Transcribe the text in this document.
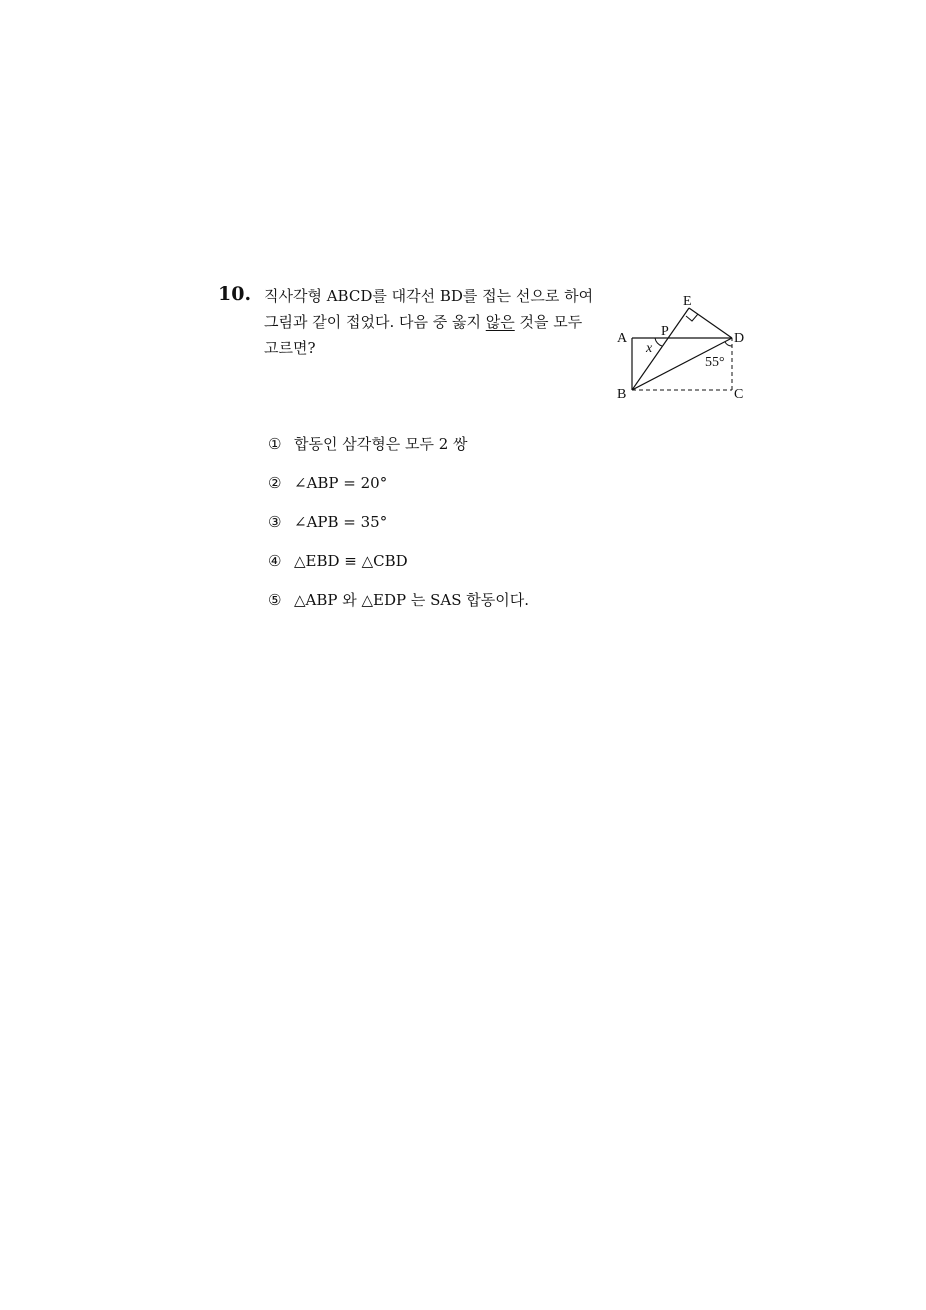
10. 직사각형 ABCD를 대각선 BD를 접는 선으로 하여
그림과 같이 접었다. 다음 중 옳지 않은 것을 모두
고르면?
A
B	C
D
E
P
x
55°
① 합동인 삼각형은 모두 2 쌍
② ∠ABP = 20°
③ ∠APB = 35°
④ △EBD ≡ △CBD
⑤ △ABP 와 △EDP 는 SAS 합동이다.
